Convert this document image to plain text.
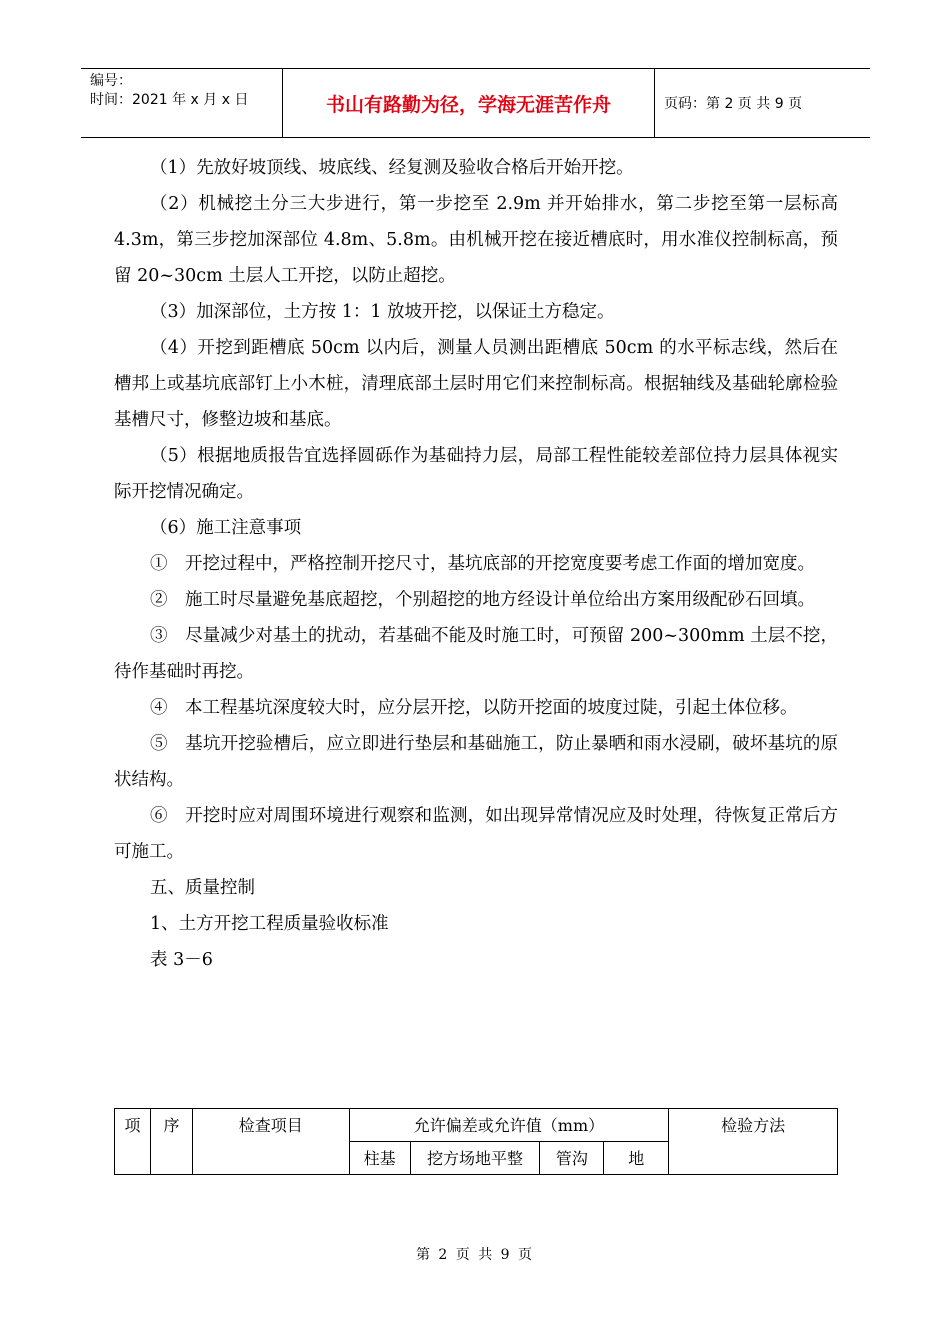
编号：
时间：2021 年 x 月 x 日	书山有路勤为径，学海无涯苦作舟	页码：第 2 页 共 9 页

（1）先放好坡顶线、坡底线、经复测及验收合格后开始开挖。

（2）机械挖土分三大步进行，第一步挖至 2.9m 并开始排水，第二步挖至第一层标高 4.3m，第三步挖加深部位 4.8m、5.8m。由机械开挖在接近槽底时，用水准仪控制标高，预留 20~30cm 土层人工开挖，以防止超挖。

（3）加深部位，土方按 1：1 放坡开挖，以保证土方稳定。

（4）开挖到距槽底 50cm 以内后，测量人员测出距槽底 50cm 的水平标志线，然后在槽邦上或基坑底部钉上小木桩，清理底部土层时用它们来控制标高。根据轴线及基础轮廓检验基槽尺寸，修整边坡和基底。

（5）根据地质报告宜选择圆砾作为基础持力层，局部工程性能较差部位持力层具体视实际开挖情况确定。

（6）施工注意事项

①　开挖过程中，严格控制开挖尺寸，基坑底部的开挖宽度要考虑工作面的增加宽度。

②　施工时尽量避免基底超挖，个别超挖的地方经设计单位给出方案用级配砂石回填。

③　尽量减少对基土的扰动，若基础不能及时施工时，可预留 200~300mm 土层不挖，待作基础时再挖。

④　本工程基坑深度较大时，应分层开挖，以防开挖面的坡度过陡，引起土体位移。

⑤　基坑开挖验槽后，应立即进行垫层和基础施工，防止暴晒和雨水浸刷，破坏基坑的原状结构。

⑥　开挖时应对周围环境进行观察和监测，如出现异常情况应及时处理，待恢复正常后方可施工。

五、质量控制

1、土方开挖工程质量验收标准

表 3－6

项	序	检查项目	允许偏差或允许值（mm）				检验方法
			柱基	挖方场地平整	管沟	地	
第 2 页 共 9 页
